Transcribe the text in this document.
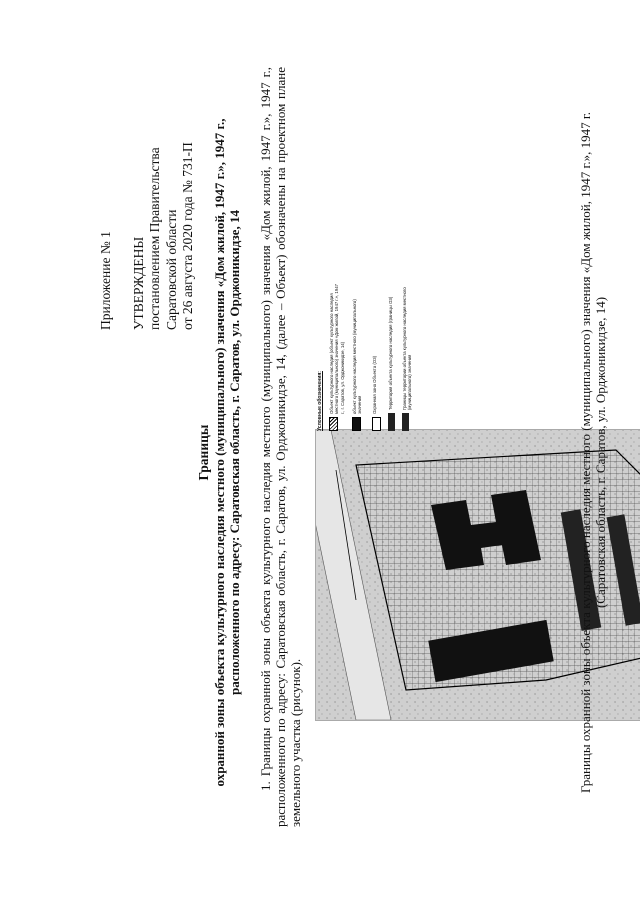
Приложение № 1 УТВЕРЖДЕНЫ постановлением Правительства Саратовской области от 26 августа 2020 года № 731-П
Границы охранной зоны объекта культурного наследия местного (муниципального) значения «Дом жилой, 1947 г.», 1947 г., расположенного по адресу: Саратовская область, г. Саратов, ул. Орджоникидзе, 14 1. Границы охранной зоны объекта культурного наследия местного (муниципального) значения «Дом жилой, 1947 г.», 1947 г., расположенного по адресу: Саратовская область, г. Саратов, ул. Орджоникидзе, 14, (далее – Объект) обозначены на проектном плане земельного участка (рисунок).
Условные обозначения: Объект культурного наследия (объект культурного наследия местного (муниципального) значения «Дом жилой, 1947 г.», 1947 г., г. Саратов, ул. Орджоникидзе, 14) объект культурного наследия местного (муниципального) значения Охранная зона Объекта (ОЗ)	Территория объекта культурного наследия (границы ОЗ) Границы территории объекта культурного наследия местного (муниципального) значения	Границы охранной зоны объекта культурного наследия местного (муниципального) значения «Дом жилой, 1947 г.», 1947 г. (Саратовская область, г. Саратов, ул. Орджоникидзе, 14)
